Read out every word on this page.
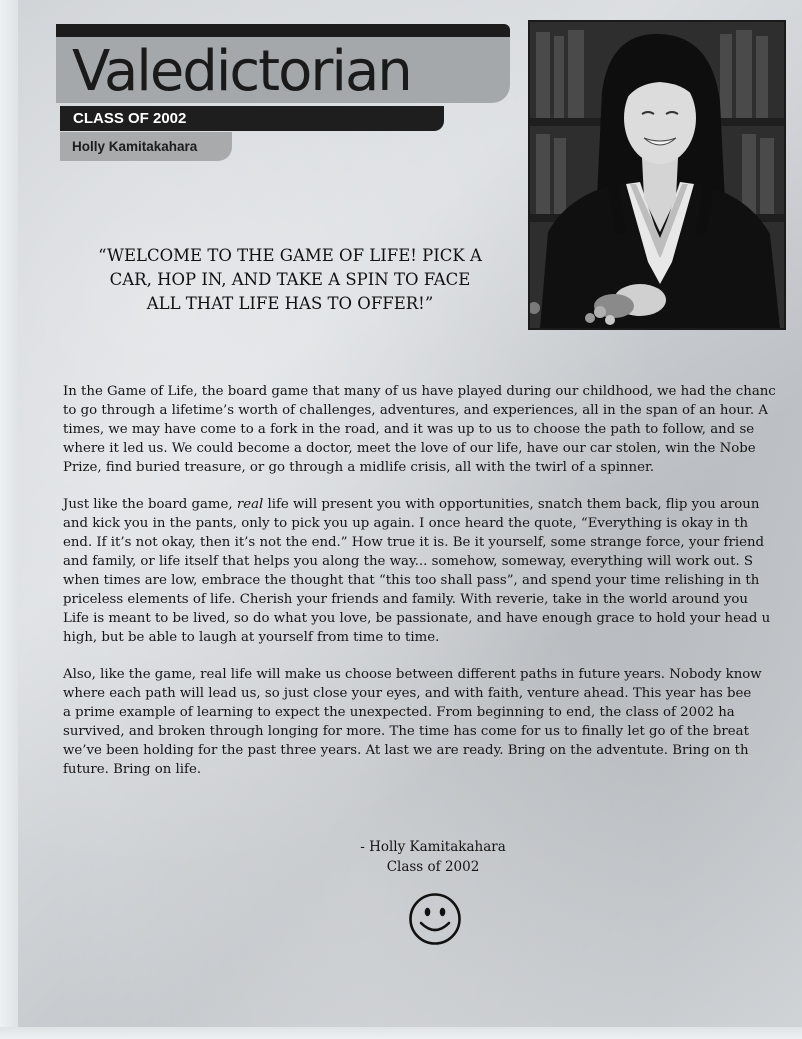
Valedictorian
CLASS OF 2002
Holly Kamitakahara
“WELCOME TO THE GAME OF LIFE! PICK A
CAR, HOP IN, AND TAKE A SPIN TO FACE
ALL THAT LIFE HAS TO OFFER!”

In the Game of Life, the board game that many of us have played during our childhood, we had the chanc
to go through a lifetime’s worth of challenges, adventures, and experiences, all in the span of an hour. A
times, we may have come to a fork in the road, and it was up to us to choose the path to follow, and se
where it led us. We could become a doctor, meet the love of our life, have our car stolen, win the Nobe
Prize, find buried treasure, or go through a midlife crisis, all with the twirl of a spinner.

Just like the board game, real life will present you with opportunities, snatch them back, flip you aroun
and kick you in the pants, only to pick you up again. I once heard the quote, “Everything is okay in th
end. If it’s not okay, then it’s not the end.” How true it is. Be it yourself, some strange force, your friend
and family, or life itself that helps you along the way... somehow, someway, everything will work out. S
when times are low, embrace the thought that “this too shall pass”, and spend your time relishing in th
priceless elements of life. Cherish your friends and family. With reverie, take in the world around you
Life is meant to be lived, so do what you love, be passionate, and have enough grace to hold your head u
high, but be able to laugh at yourself from time to time.

Also, like the game, real life will make us choose between different paths in future years. Nobody know
where each path will lead us, so just close your eyes, and with faith, venture ahead. This year has bee
a prime example of learning to expect the unexpected. From beginning to end, the class of 2002 ha
survived, and broken through longing for more. The time has come for us to finally let go of the breat
we’ve been holding for the past three years. At last we are ready. Bring on the adventute. Bring on th
future. Bring on life.

- Holly Kamitakahara
Class of 2002
